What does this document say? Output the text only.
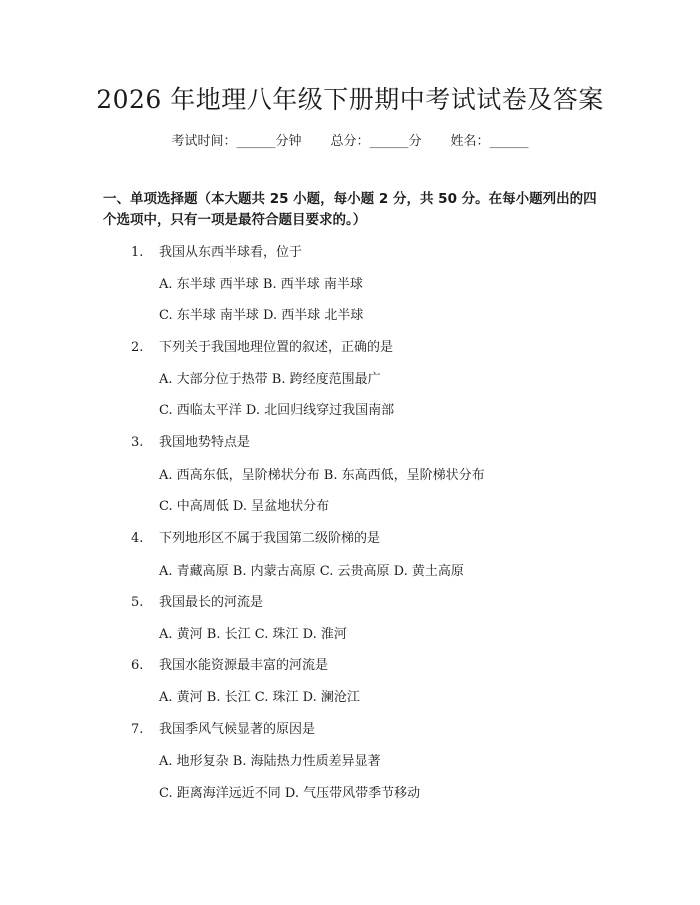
2026 年地理八年级下册期中考试试卷及答案
考试时间：______分钟 总分：______分 姓名：______
一、单项选择题（本大题共 25 小题，每小题 2 分，共 50 分。在每小题列出的四个选项中，只有一项是最符合题目要求的。）
1. 我国从东西半球看，位于
A. 东半球 西半球 B. 西半球 南半球
C. 东半球 南半球 D. 西半球 北半球
2. 下列关于我国地理位置的叙述，正确的是
A. 大部分位于热带 B. 跨经度范围最广
C. 西临太平洋 D. 北回归线穿过我国南部
3. 我国地势特点是
A. 西高东低，呈阶梯状分布 B. 东高西低，呈阶梯状分布
C. 中高周低 D. 呈盆地状分布
4. 下列地形区不属于我国第二级阶梯的是
A. 青藏高原 B. 内蒙古高原 C. 云贵高原 D. 黄土高原
5. 我国最长的河流是
A. 黄河 B. 长江 C. 珠江 D. 淮河
6. 我国水能资源最丰富的河流是
A. 黄河 B. 长江 C. 珠江 D. 澜沧江
7. 我国季风气候显著的原因是
A. 地形复杂 B. 海陆热力性质差异显著
C. 距离海洋远近不同 D. 气压带风带季节移动
